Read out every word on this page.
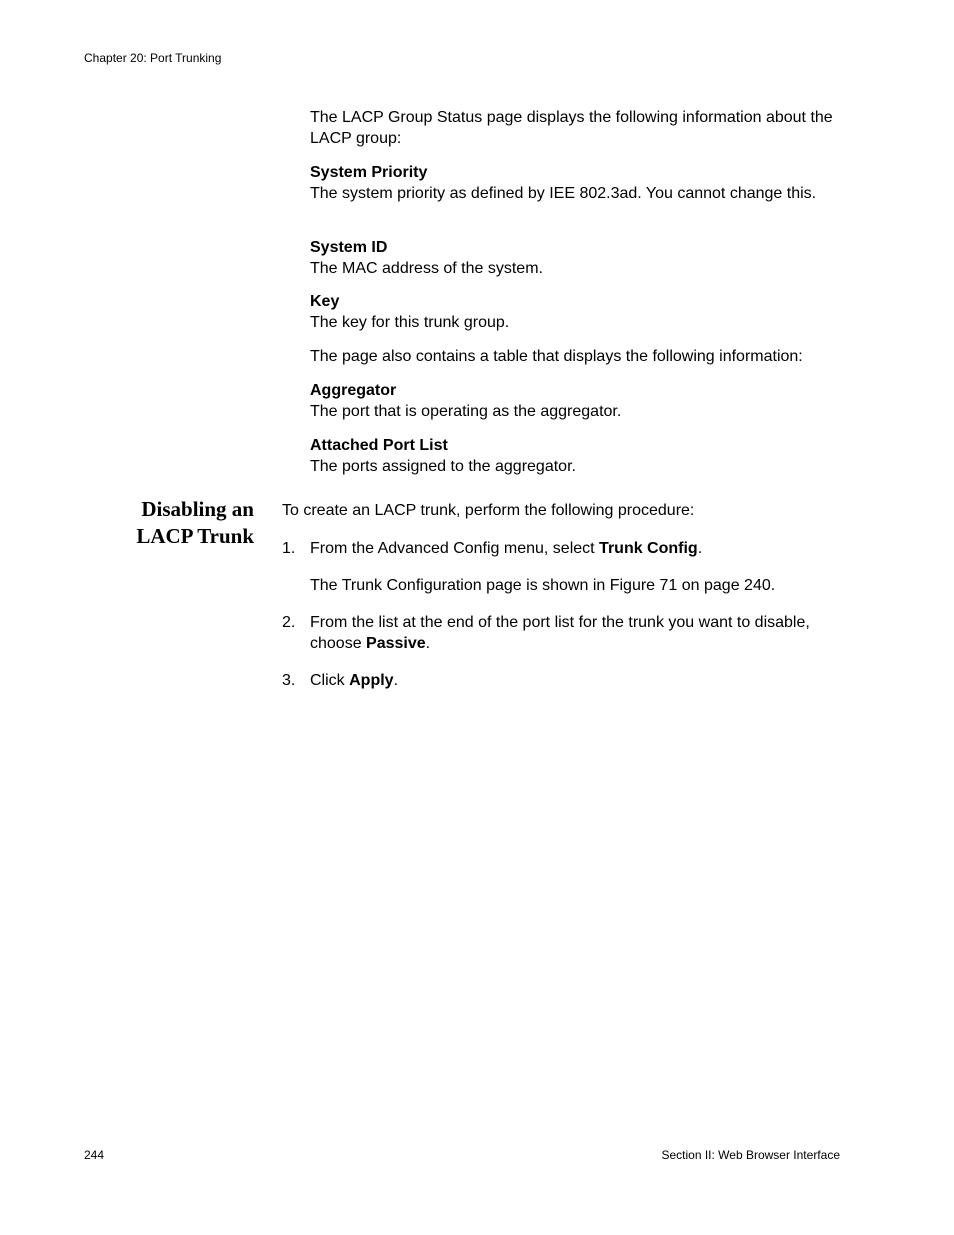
Chapter 20: Port Trunking
The LACP Group Status page displays the following information about the LACP group:
System Priority
The system priority as defined by IEE 802.3ad. You cannot change this.
System ID
The MAC address of the system.
Key
The key for this trunk group.
The page also contains a table that displays the following information:
Aggregator
The port that is operating as the aggregator.
Attached Port List
The ports assigned to the aggregator.
Disabling an
LACP Trunk
To create an LACP trunk, perform the following procedure:
1. From the Advanced Config menu, select Trunk Config.
The Trunk Configuration page is shown in Figure 71 on page 240.
2. From the list at the end of the port list for the trunk you want to disable, choose Passive.
3. Click Apply.
244	Section II: Web Browser Interface
